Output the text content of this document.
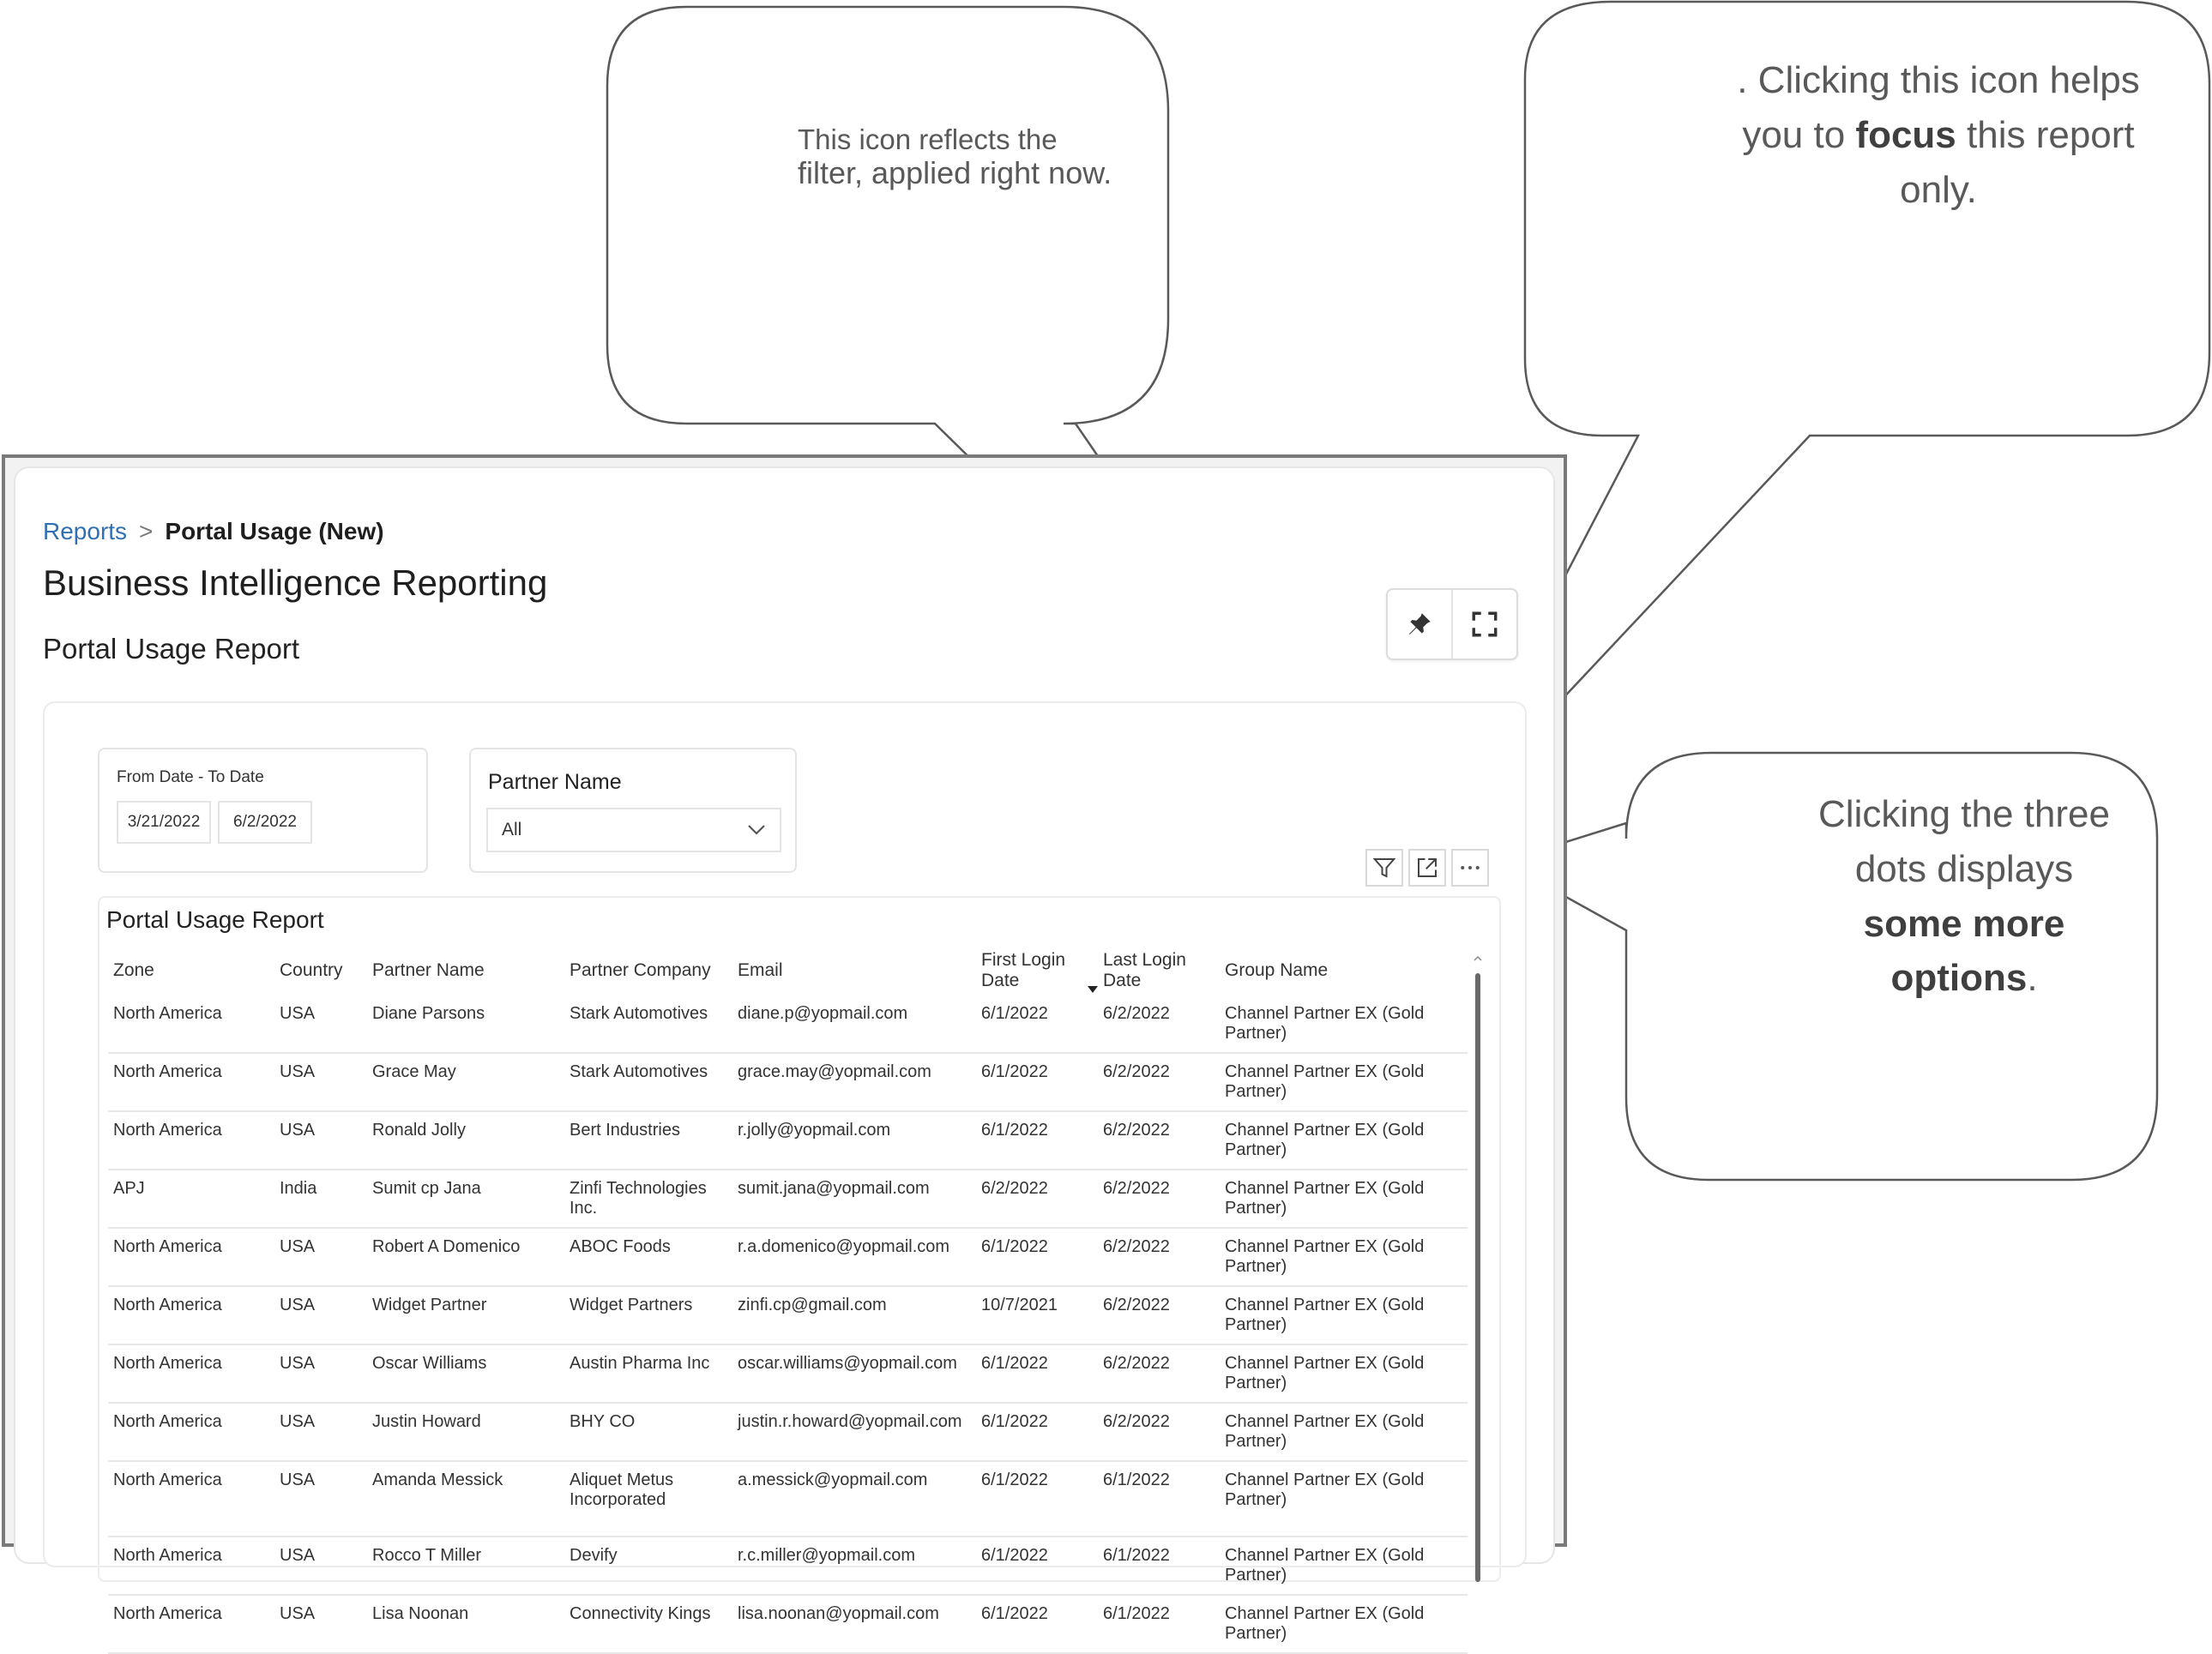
This icon reflects the
filter, applied right now.
. Clicking this icon helps you to focus this report only.
Clicking the three dots displays some more options.
Reports > Portal Usage (New)
Business Intelligence Reporting
Portal Usage Report
From Date - To Date
3/21/2022	6/2/2022
Partner Name
All
Portal Usage Report
Zone	Country	Partner Name	Partner Company	Email	First Login Date	Last Login Date	Group Name
North America	USA	Diane Parsons	Stark Automotives	diane.p@yopmail.com	6/1/2022	6/2/2022	Channel Partner EX (Gold Partner)
North America	USA	Grace May	Stark Automotives	grace.may@yopmail.com	6/1/2022	6/2/2022	Channel Partner EX (Gold Partner)
North America	USA	Ronald Jolly	Bert Industries	r.jolly@yopmail.com	6/1/2022	6/2/2022	Channel Partner EX (Gold Partner)
APJ	India	Sumit cp Jana	Zinfi Technologies Inc.	sumit.jana@yopmail.com	6/2/2022	6/2/2022	Channel Partner EX (Gold Partner)
North America	USA	Robert A Domenico	ABOC Foods	r.a.domenico@yopmail.com	6/1/2022	6/2/2022	Channel Partner EX (Gold Partner)
North America	USA	Widget Partner	Widget Partners	zinfi.cp@gmail.com	10/7/2021	6/2/2022	Channel Partner EX (Gold Partner)
North America	USA	Oscar Williams	Austin Pharma Inc	oscar.williams@yopmail.com	6/1/2022	6/2/2022	Channel Partner EX (Gold Partner)
North America	USA	Justin Howard	BHY CO	justin.r.howard@yopmail.com	6/1/2022	6/2/2022	Channel Partner EX (Gold Partner)
North America	USA	Amanda Messick	Aliquet Metus Incorporated	a.messick@yopmail.com	6/1/2022	6/1/2022	Channel Partner EX (Gold Partner)
North America	USA	Rocco T Miller	Devify	r.c.miller@yopmail.com	6/1/2022	6/1/2022	Channel Partner EX (Gold Partner)
North America	USA	Lisa Noonan	Connectivity Kings	lisa.noonan@yopmail.com	6/1/2022	6/1/2022	Channel Partner EX (Gold Partner)
